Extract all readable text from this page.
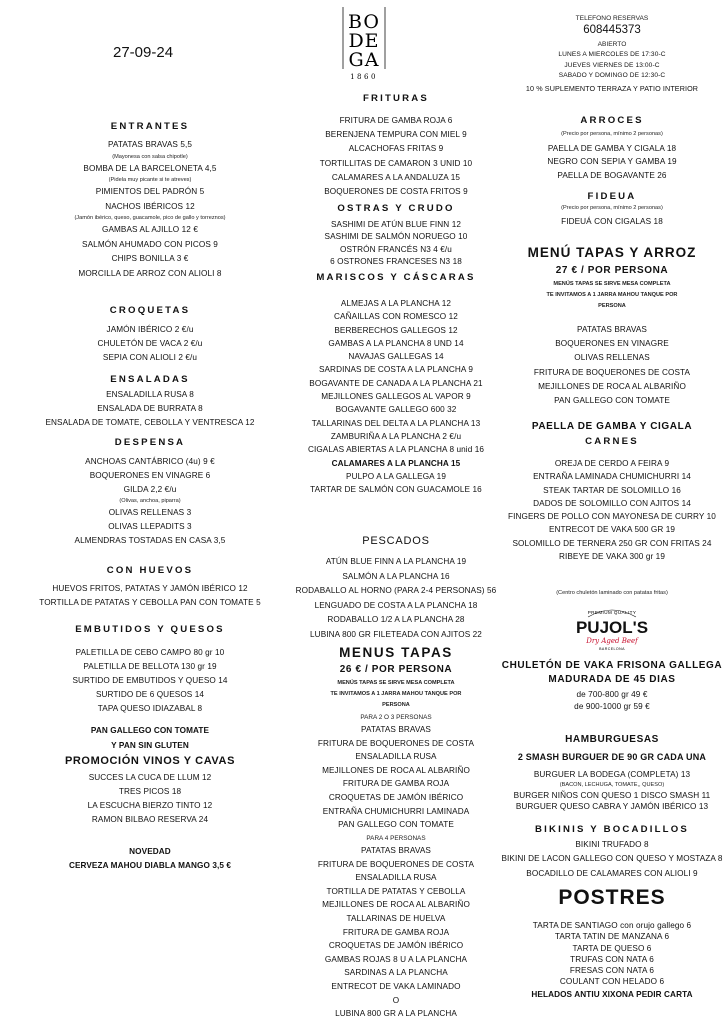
27-09-24
BO
DE
GA
1860
ENTRANTES
PATATAS BRAVAS 5,5
(Mayonesa con salsa chipotle)
BOMBA DE LA BARCELONETA 4,5
(Pidela muy picante si te atreves)
PIMIENTOS DEL PADRÓN 5
NACHOS IBÉRICOS 12
(Jamón ibérico, queso, guacamole, pico de gallo y torreznos)
GAMBAS AL AJILLO 12 €
SALMÓN AHUMADO CON PICOS 9
CHIPS BONILLA 3 €
MORCILLA DE ARROZ CON ALIOLI 8
CROQUETAS
JAMÓN IBÉRICO 2 €/u
CHULETÓN DE VACA 2 €/u
SEPIA CON ALIOLI 2 €/u
ENSALADAS
ENSALADILLA RUSA 8
ENSALADA DE BURRATA 8
ENSALADA DE TOMATE, CEBOLLA Y VENTRESCA 12
DESPENSA
ANCHOAS CANTÁBRICO (4u) 9 €
BOQUERONES EN VINAGRE 6
GILDA 2,2 €/u
(Olivas, anchoa, piparra)
OLIVAS RELLENAS 3
OLIVAS LLEPADITS 3
ALMENDRAS TOSTADAS EN CASA 3,5
CON HUEVOS
HUEVOS FRITOS, PATATAS Y JAMÓN IBÉRICO 12
TORTILLA DE PATATAS Y CEBOLLA PAN CON TOMATE 5
EMBUTIDOS Y QUESOS
PALETILLA DE CEBO CAMPO 80 gr 10
PALETILLA DE BELLOTA 130 gr 19
SURTIDO DE EMBUTIDOS Y QUESO 14
SURTIDO DE 6 QUESOS 14
TAPA QUESO IDIAZABAL 8
PAN GALLEGO CON TOMATE
Y PAN SIN GLUTEN
PROMOCIÓN VINOS Y CAVAS
SUCCES LA CUCA DE LLUM 12
TRES PICOS 18
LA ESCUCHA BIERZO TINTO 12
RAMON BILBAO RESERVA 24
NOVEDAD
CERVEZA MAHOU DIABLA MANGO 3,5 €
FRITURAS
FRITURA DE GAMBA ROJA 6
BERENJENA TEMPURA CON MIEL 9
ALCACHOFAS FRITAS 9
TORTILLITAS DE CAMARON 3 UNID 10
CALAMARES A LA ANDALUZA 15
BOQUERONES DE COSTA FRITOS 9
OSTRAS Y CRUDO
SASHIMI DE ATÚN BLUE FINN 12
SASHIMI DE SALMÓN NORUEGO 10
OSTRÓN FRANCÉS N3 4 €/u
6 OSTRONES FRANCESES N3 18
MARISCOS Y CÁSCARAS
ALMEJAS A LA PLANCHA 12
CAÑAILLAS CON ROMESCO 12
BERBERECHOS GALLEGOS 12
GAMBAS A LA PLANCHA 8 UND 14
NAVAJAS GALLEGAS 14
SARDINAS DE COSTA A LA PLANCHA 9
BOGAVANTE DE CANADA A LA PLANCHA 21
MEJILLONES GALLEGOS AL VAPOR 9
BOGAVANTE GALLEGO 600 32
TALLARINAS DEL DELTA A LA PLANCHA 13
ZAMBURIÑA A LA PLANCHA 2 €/u
CIGALAS ABIERTAS A LA PLANCHA 8 unid 16
CALAMARES A LA PLANCHA 15
PULPO A LA GALLEGA 19
TARTAR DE SALMÓN CON GUACAMOLE 16
PESCADOS
ATÚN BLUE FINN A LA PLANCHA 19
SALMÓN A LA PLANCHA 16
RODABALLO AL HORNO (PARA 2-4 PERSONAS) 56
LENGUADO DE COSTA A LA PLANCHA 18
RODABALLO 1/2 A LA PLANCHA 28
LUBINA 800 GR FILETEADA CON AJITOS 22
MENUS TAPAS
26 € / POR PERSONA
MENÚS TAPAS SE SIRVE MESA COMPLETA
TE INVITAMOS A 1 JARRA MAHOU TANQUE POR
PERSONA
PARA 2 O 3 PERSONAS
PATATAS BRAVAS
FRITURA DE BOQUERONES DE COSTA
ENSALADILLA RUSA
MEJILLONES DE ROCA AL ALBARIÑO
FRITURA DE GAMBA ROJA
CROQUETAS DE JAMÓN IBÉRICO
ENTRAÑA CHUMICHURRI LAMINADA
PAN GALLEGO CON TOMATE
PARA 4 PERSONAS
PATATAS BRAVAS
FRITURA DE BOQUERONES DE COSTA
ENSALADILLA RUSA
TORTILLA DE PATATAS Y CEBOLLA
MEJILLONES DE ROCA AL ALBARIÑO
TALLARINAS DE HUELVA
FRITURA DE GAMBA ROJA
CROQUETAS DE JAMÓN IBÉRICO
GAMBAS ROJAS 8 U A LA PLANCHA
SARDINAS A LA PLANCHA
ENTRECOT DE VAKA LAMINADO
O
LUBINA 800 GR A LA PLANCHA
TELEFONO RESERVAS
608445373
ABIERTO
LUNES A MIERCOLES DE 17:30-C
JUEVES VIERNES DE 13:00-C
SABADO Y DOMINGO DE 12:30-C
10 % SUPLEMENTO TERRAZA Y PATIO INTERIOR
ARROCES
(Precio por persona, mínimo 2 personas)
PAELLA DE GAMBA Y CIGALA 18
NEGRO CON SEPIA Y GAMBA 19
PAELLA DE BOGAVANTE 26
FIDEUA
(Precio por persona, mínimo 2 personas)
FIDEUÁ CON CIGALAS 18
MENÚ TAPAS Y ARROZ
27 € / POR PERSONA
MENÚS TAPAS SE SIRVE MESA COMPLETA
TE INVITAMOS A 1 JARRA MAHOU TANQUE POR
PERSONA
PATATAS BRAVAS
BOQUERONES EN VINAGRE
OLIVAS RELLENAS
FRITURA DE BOQUERONES DE COSTA
MEJILLONES DE ROCA AL ALBARIÑO
PAN GALLEGO CON TOMATE
PAELLA DE GAMBA Y CIGALA
CARNES
OREJA DE CERDO A FEIRA 9
ENTRAÑA LAMINADA CHUMICHURRI 14
STEAK TARTAR DE SOLOMILLO 16
DADOS DE SOLOMILLO CON AJITOS 14
FINGERS DE POLLO CON MAYONESA DE CURRY 10
ENTRECOT DE VAKA 500 GR 19
SOLOMILLO DE TERNERA 250 GR CON FRITAS 24
RIBEYE DE VAKA 300 gr 19
(Centro chuletón laminado con patatas fritas)
CHULETÓN DE VAKA FRISONA GALLEGA
MADURADA DE 45 DIAS
de 700-800 gr 49 €
de 900-1000 gr 59 €
HAMBURGUESAS
2 SMASH BURGUER DE 90 GR CADA UNA
BURGUER LA BODEGA (COMPLETA) 13
(BACON, LECHUGA, TOMATE,, QUESO)
BURGER NIÑOS CON QUESO 1 DISCO SMASH 11
BURGUER QUESO CABRA Y JAMÓN IBÉRICO 13
BIKINIS Y BOCADILLOS
BIKINI TRUFADO 8
BIKINI DE LACON GALLEGO CON QUESO Y MOSTAZA 8
BOCADILLO DE CALAMARES CON ALIOLI 9
POSTRES
TARTA DE SANTIAGO con orujo gallego 6
TARTA TATIN DE MANZANA 6
TARTA DE QUESO 6
TRUFAS CON NATA 6
FRESAS CON NATA 6
COULANT CON HELADO 6
HELADOS ANTIU XIXONA PEDIR CARTA
PREMIUM QUALITY
PUJOL'S
Dry Aged Beef
BARCELONA
